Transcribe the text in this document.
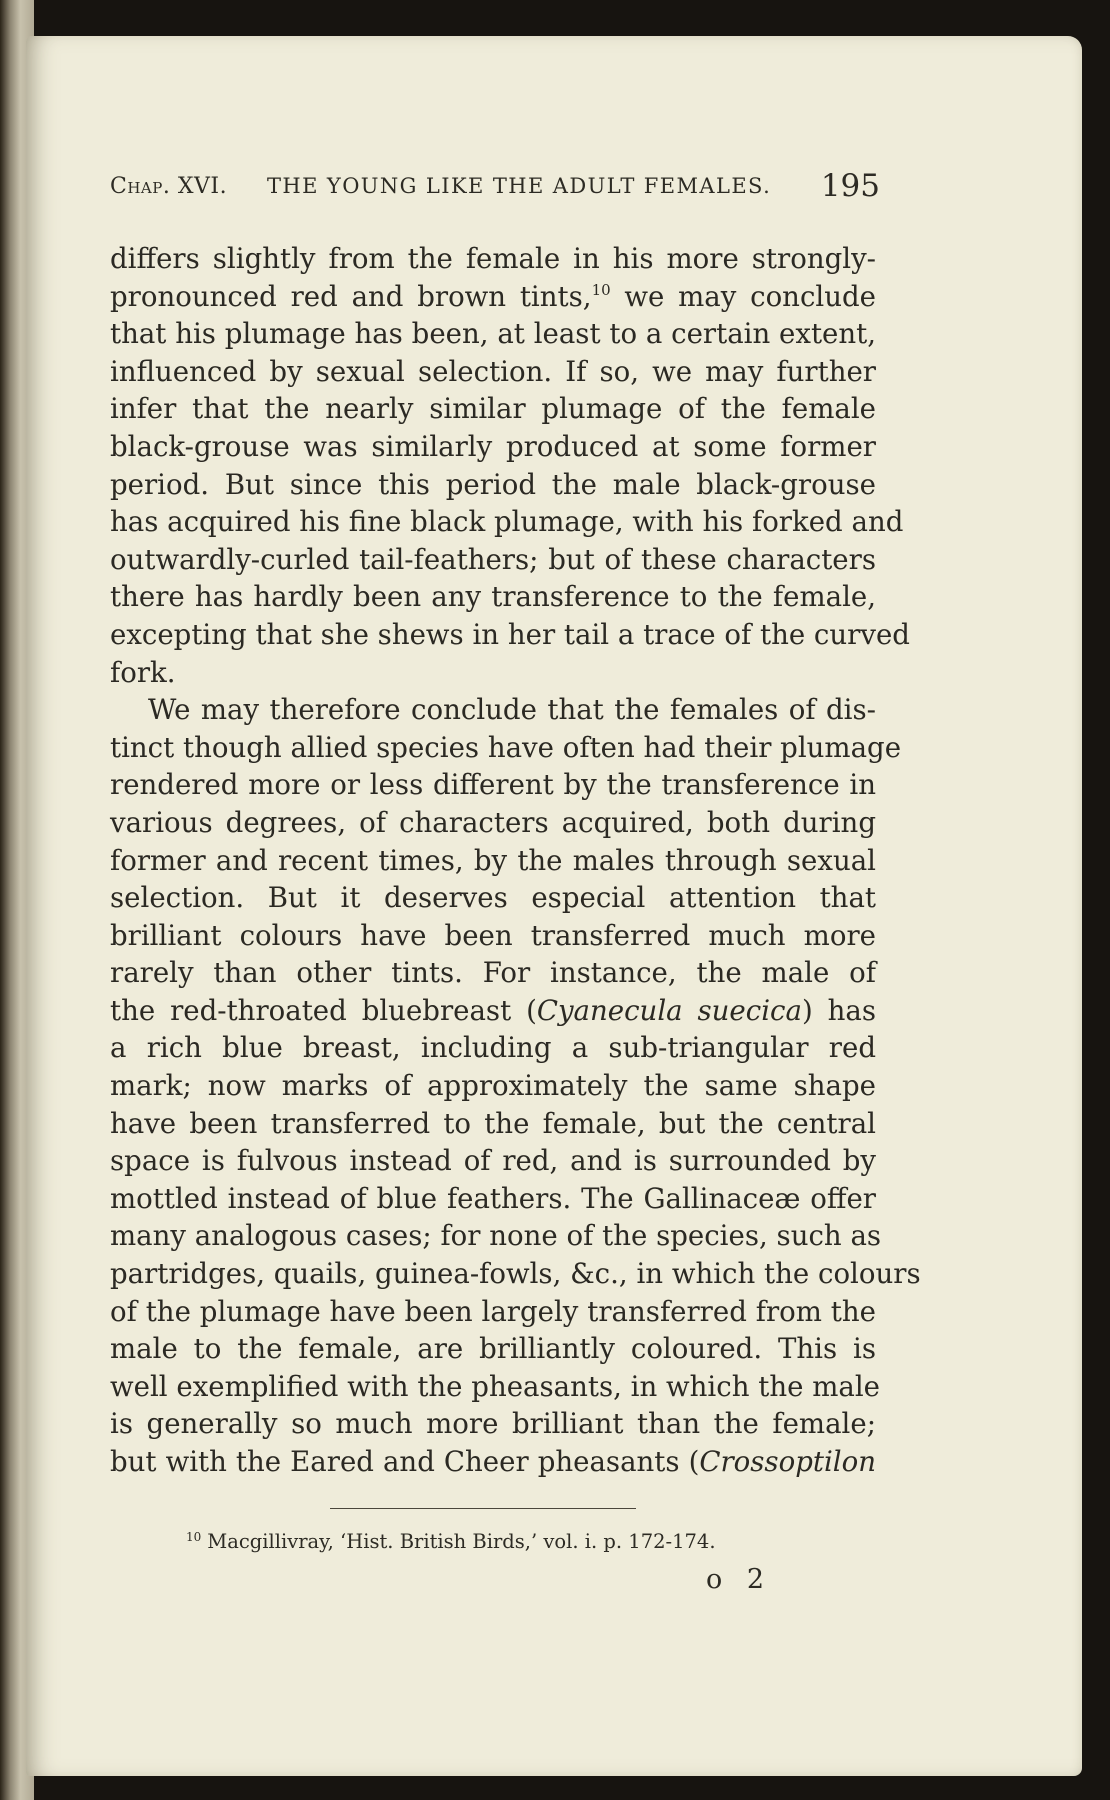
Chap. XVI. THE YOUNG LIKE THE ADULT FEMALES. 195
differs slightly from the female in his more strongly-
pronounced red and brown tints,$^{10}$ we may conclude
that his plumage has been, at least to a certain extent,
influenced by sexual selection. If so, we may further
infer that the nearly similar plumage of the female
black-grouse was similarly produced at some former
period. But since this period the male black-grouse
has acquired his fine black plumage, with his forked and
outwardly-curled tail-feathers; but of these characters
there has hardly been any transference to the female,
excepting that she shews in her tail a trace of the curved
fork.
We may therefore conclude that the females of dis-
tinct though allied species have often had their plumage
rendered more or less different by the transference in
various degrees, of characters acquired, both during
former and recent times, by the males through sexual
selection. But it deserves especial attention that
brilliant colours have been transferred much more
rarely than other tints. For instance, the male of
the red-throated bluebreast (Cyanecula suecica) has
a rich blue breast, including a sub-triangular red
mark; now marks of approximately the same shape
have been transferred to the female, but the central
space is fulvous instead of red, and is surrounded by
mottled instead of blue feathers. The Gallinaceæ offer
many analogous cases; for none of the species, such as
partridges, quails, guinea-fowls, &c., in which the colours
of the plumage have been largely transferred from the
male to the female, are brilliantly coloured. This is
well exemplified with the pheasants, in which the male
is generally so much more brilliant than the female;
but with the Eared and Cheer pheasants (Crossoptilon
$^{10}$ Macgillivray, ‘Hist. British Birds,’ vol. i. p. 172-174.
o 2
